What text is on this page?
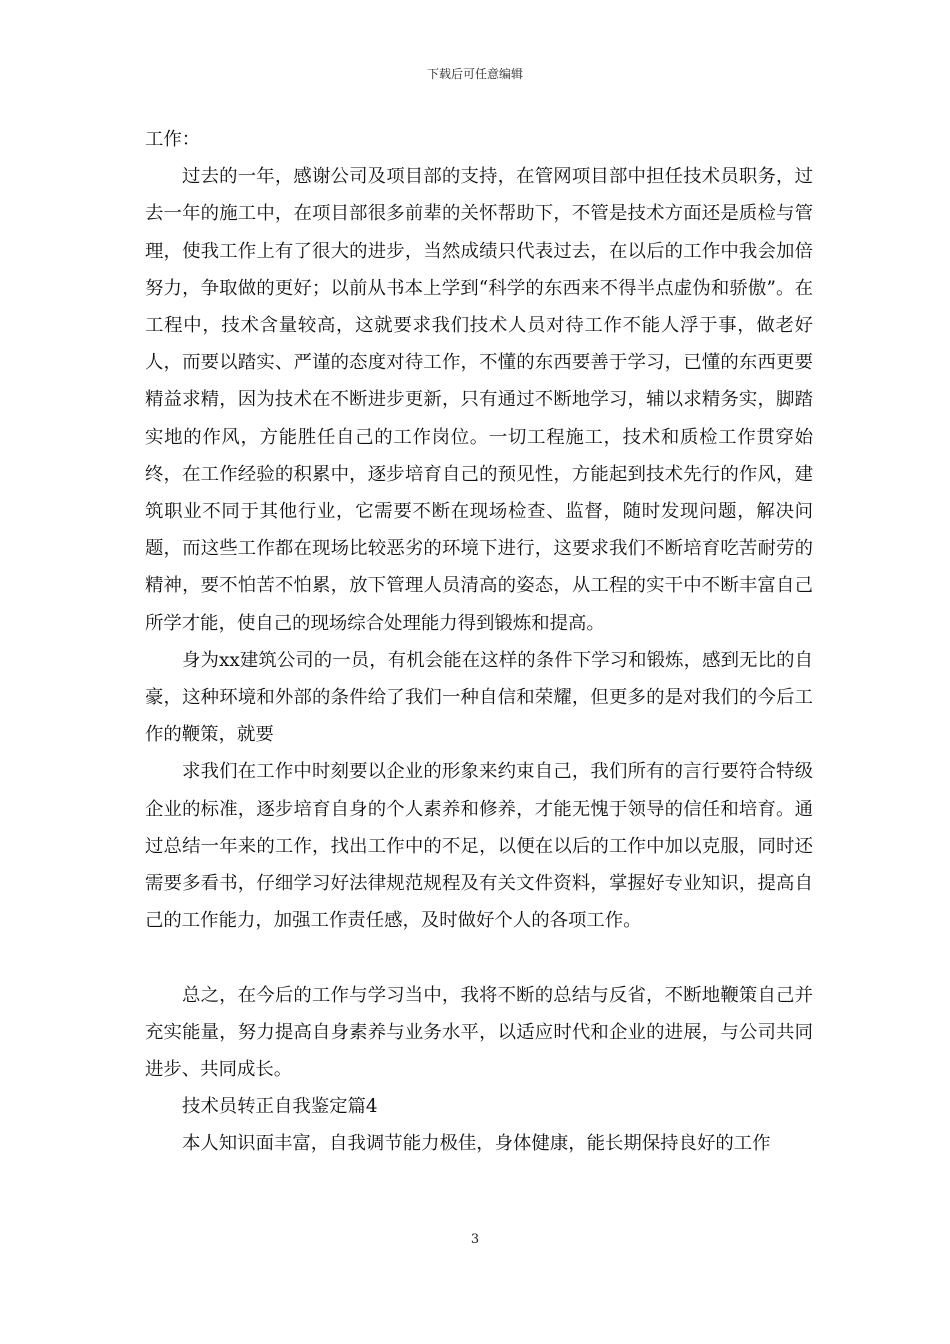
下载后可任意编辑

工作：

过去的一年，感谢公司及项目部的支持，在管网项目部中担任技术员职务，过去一年的施工中，在项目部很多前辈的关怀帮助下，不管是技术方面还是质检与管理，使我工作上有了很大的进步，当然成绩只代表过去，在以后的工作中我会加倍努力，争取做的更好；以前从书本上学到“科学的东西来不得半点虚伪和骄傲”。在工程中，技术含量较高，这就要求我们技术人员对待工作不能人浮于事，做老好人，而要以踏实、严谨的态度对待工作，不懂的东西要善于学习，已懂的东西更要精益求精，因为技术在不断进步更新，只有通过不断地学习，辅以求精务实，脚踏实地的作风，方能胜任自己的工作岗位。一切工程施工，技术和质检工作贯穿始终，在工作经验的积累中，逐步培育自己的预见性，方能起到技术先行的作风，建筑职业不同于其他行业，它需要不断在现场检查、监督，随时发现问题，解决问题，而这些工作都在现场比较恶劣的环境下进行，这要求我们不断培育吃苦耐劳的精神，要不怕苦不怕累，放下管理人员清高的姿态，从工程的实干中不断丰富自己所学才能，使自己的现场综合处理能力得到锻炼和提高。

身为xx建筑公司的一员，有机会能在这样的条件下学习和锻炼，感到无比的自豪，这种环境和外部的条件给了我们一种自信和荣耀，但更多的是对我们的今后工作的鞭策，就要

求我们在工作中时刻要以企业的形象来约束自己，我们所有的言行要符合特级企业的标准，逐步培育自身的个人素养和修养，才能无愧于领导的信任和培育。通过总结一年来的工作，找出工作中的不足，以便在以后的工作中加以克服，同时还需要多看书，仔细学习好法律规范规程及有关文件资料，掌握好专业知识，提高自己的工作能力，加强工作责任感，及时做好个人的各项工作。

总之，在今后的工作与学习当中，我将不断的总结与反省，不断地鞭策自己并充实能量，努力提高自身素养与业务水平，以适应时代和企业的进展，与公司共同进步、共同成长。

技术员转正自我鉴定篇4

本人知识面丰富，自我调节能力极佳，身体健康，能长期保持良好的工作

3
